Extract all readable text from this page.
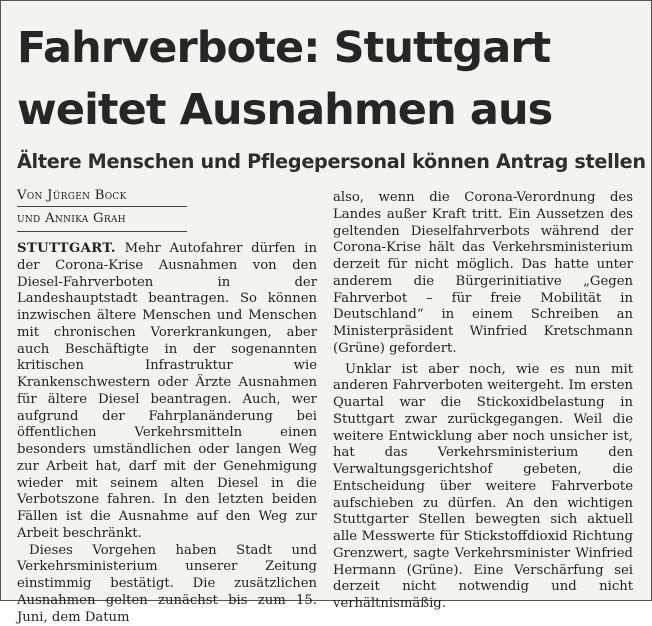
Fahrverbote: Stuttgart
weitet Ausnahmen aus
Ältere Menschen und Pflegepersonal können Antrag stellen
Von Jürgen Bock
und Annika Grah

STUTTGART. Mehr Autofahrer dürfen in der Corona-Krise Ausnahmen von den Diesel-Fahrverboten in der Landeshauptstadt beantragen. So können inzwischen ältere Menschen und Menschen mit chronischen Vorerkrankungen, aber auch Beschäftigte in der sogenannten kritischen Infrastruktur wie Krankenschwestern oder Ärzte Ausnahmen für ältere Diesel beantragen. Auch, wer aufgrund der Fahrplanänderung bei öffentlichen Verkehrsmitteln einen besonders umständlichen oder langen Weg zur Arbeit hat, darf mit der Genehmigung wieder mit seinem alten Diesel in die Verbotszone fahren. In den letzten beiden Fällen ist die Ausnahme auf den Weg zur Arbeit beschränkt.

Dieses Vorgehen haben Stadt und Verkehrsministerium unserer Zeitung einstimmig bestätigt. Die zusätzlichen Ausnahmen gelten zunächst bis zum 15. Juni, dem Datum

also, wenn die Corona-Verordnung des Landes außer Kraft tritt. Ein Aussetzen des geltenden Dieselfahrverbots während der Corona-Krise hält das Verkehrsministerium derzeit für nicht möglich. Das hatte unter anderem die Bürgerinitiative „Gegen Fahrverbot – für freie Mobilität in Deutschland“ in einem Schreiben an Ministerpräsident Winfried Kretschmann (Grüne) gefordert.

Unklar ist aber noch, wie es nun mit anderen Fahrverboten weitergeht. Im ersten Quartal war die Stickoxidbelastung in Stuttgart zwar zurückgegangen. Weil die weitere Entwicklung aber noch unsicher ist, hat das Verkehrsministerium den Verwaltungsgerichtshof gebeten, die Entscheidung über weitere Fahrverbote aufschieben zu dürfen. An den wichtigen Stuttgarter Stellen bewegten sich aktuell alle Messwerte für Stickstoffdioxid Richtung Grenzwert, sagte Verkehrsminister Winfried Hermann (Grüne). Eine Verschärfung sei derzeit nicht notwendig und nicht verhältnismäßig.
